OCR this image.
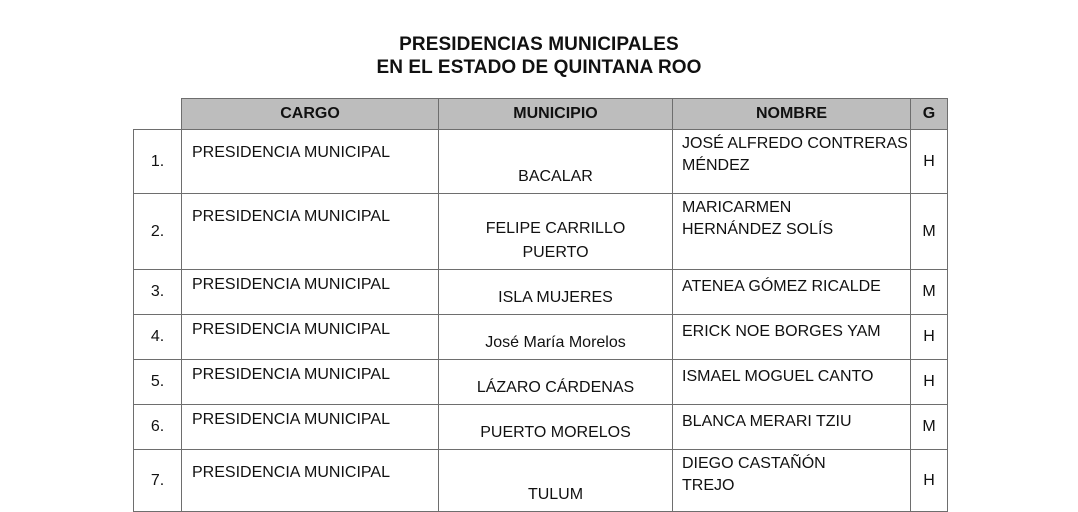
PRESIDENCIAS MUNICIPALES
EN EL ESTADO DE QUINTANA ROO
	CARGO	MUNICIPIO	NOMBRE	G
1.	PRESIDENCIA MUNICIPAL	BACALAR	JOSÉ ALFREDO CONTRERAS MÉNDEZ	H
2.	PRESIDENCIA MUNICIPAL	FELIPE CARRILLO PUERTO	MARICARMEN HERNÁNDEZ SOLÍS	M
3.	PRESIDENCIA MUNICIPAL	ISLA MUJERES	ATENEA GÓMEZ RICALDE	M
4.	PRESIDENCIA MUNICIPAL	José María Morelos	ERICK NOE BORGES YAM	H
5.	PRESIDENCIA MUNICIPAL	LÁZARO CÁRDENAS	ISMAEL MOGUEL CANTO	H
6.	PRESIDENCIA MUNICIPAL	PUERTO MORELOS	BLANCA MERARI TZIU	M
7.	PRESIDENCIA MUNICIPAL	TULUM	DIEGO CASTAÑÓN TREJO	H
